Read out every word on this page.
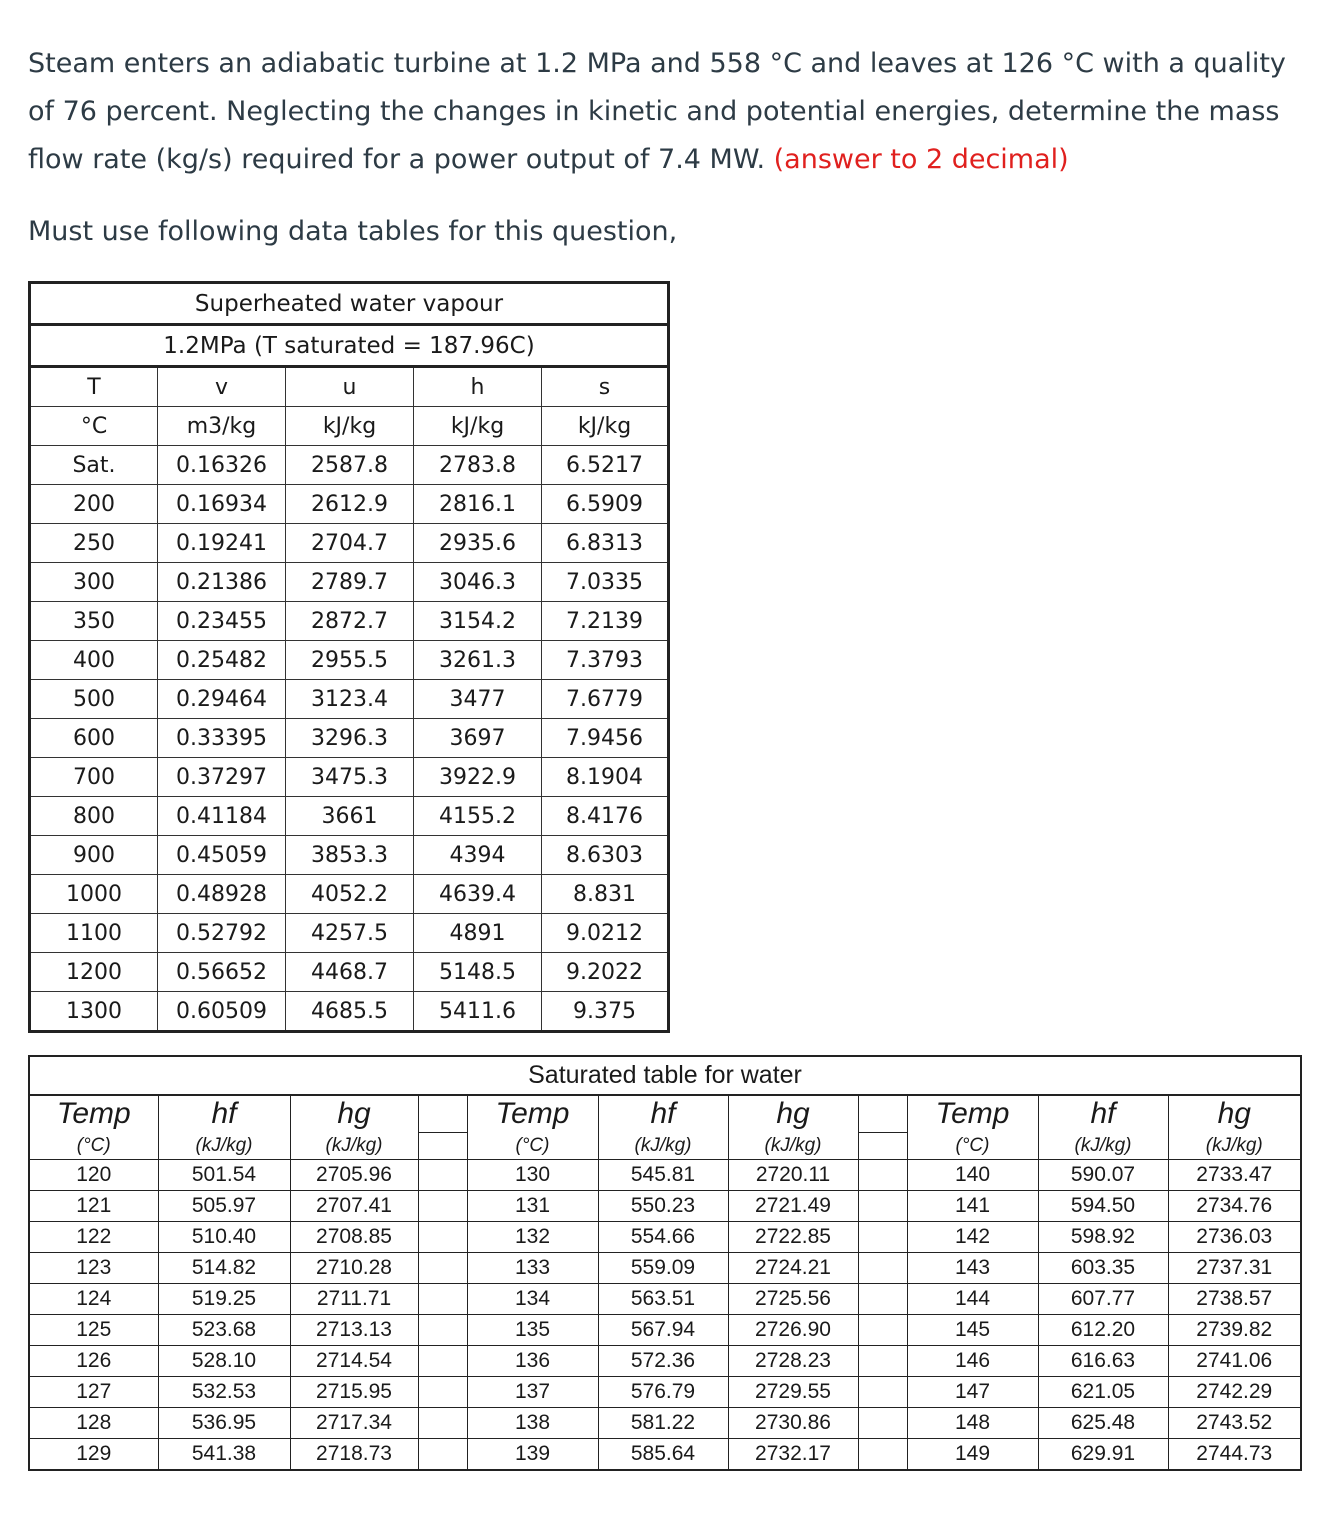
Steam enters an adiabatic turbine at 1.2 MPa and 558 °C and leaves at 126 °C with a quality of 76 percent. Neglecting the changes in kinetic and potential energies, determine the mass flow rate (kg/s) required for a power output of 7.4 MW. (answer to 2 decimal)
Must use following data tables for this question,
Superheated water vapour				
1.2MPa (T saturated = 187.96C)				
T	v	u	h	s
°C	m3/kg	kJ/kg	kJ/kg	kJ/kg
Sat.	0.16326	2587.8	2783.8	6.5217
200	0.16934	2612.9	2816.1	6.5909
250	0.19241	2704.7	2935.6	6.8313
300	0.21386	2789.7	3046.3	7.0335
350	0.23455	2872.7	3154.2	7.2139
400	0.25482	2955.5	3261.3	7.3793
500	0.29464	3123.4	3477	7.6779
600	0.33395	3296.3	3697	7.9456
700	0.37297	3475.3	3922.9	8.1904
800	0.41184	3661	4155.2	8.4176
900	0.45059	3853.3	4394	8.6303
1000	0.48928	4052.2	4639.4	8.831
1100	0.52792	4257.5	4891	9.0212
1200	0.56652	4468.7	5148.5	9.2022
1300	0.60509	4685.5	5411.6	9.375
Saturated table for water										
Temp	hf	hg		Temp	hf	hg		Temp	hf	hg
(°C)	(kJ/kg)	(kJ/kg)		(°C)	(kJ/kg)	(kJ/kg)		(°C)	(kJ/kg)	(kJ/kg)
120	501.54	2705.96		130	545.81	2720.11		140	590.07	2733.47
121	505.97	2707.41		131	550.23	2721.49		141	594.50	2734.76
122	510.40	2708.85		132	554.66	2722.85		142	598.92	2736.03
123	514.82	2710.28		133	559.09	2724.21		143	603.35	2737.31
124	519.25	2711.71		134	563.51	2725.56		144	607.77	2738.57
125	523.68	2713.13		135	567.94	2726.90		145	612.20	2739.82
126	528.10	2714.54		136	572.36	2728.23		146	616.63	2741.06
127	532.53	2715.95		137	576.79	2729.55		147	621.05	2742.29
128	536.95	2717.34		138	581.22	2730.86		148	625.48	2743.52
129	541.38	2718.73		139	585.64	2732.17		149	629.91	2744.73
